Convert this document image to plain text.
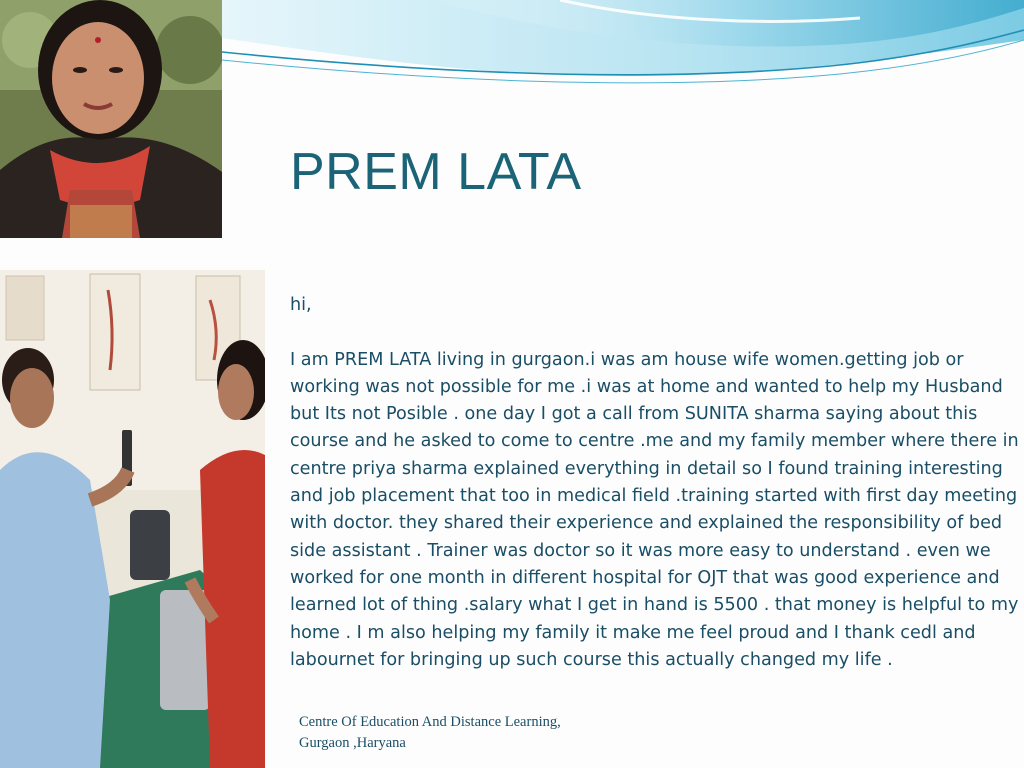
PREM LATA

hi,

I am PREM LATA living in gurgaon.i was am house wife women.getting job or working was not possible for me .i was at home and wanted to help my Husband but Its not Posible . one day I got a call from SUNITA sharma saying about this course and he asked to come to centre .me and my family member where there in centre priya sharma explained everything in detail so I found training interesting and job placement that too in medical field .training started with first day meeting with doctor. they shared their experience and explained the responsibility of bed side assistant . Trainer was doctor so it was more easy to understand . even we worked for one month in different hospital for OJT that was good experience and learned lot of thing .salary what I get in hand is 5500 . that money is helpful to my home . I m also helping my family it make me feel proud and I thank cedl and labournet for bringing up such course this actually changed my life .

Centre Of Education And Distance Learning,
Gurgaon ,Haryana
